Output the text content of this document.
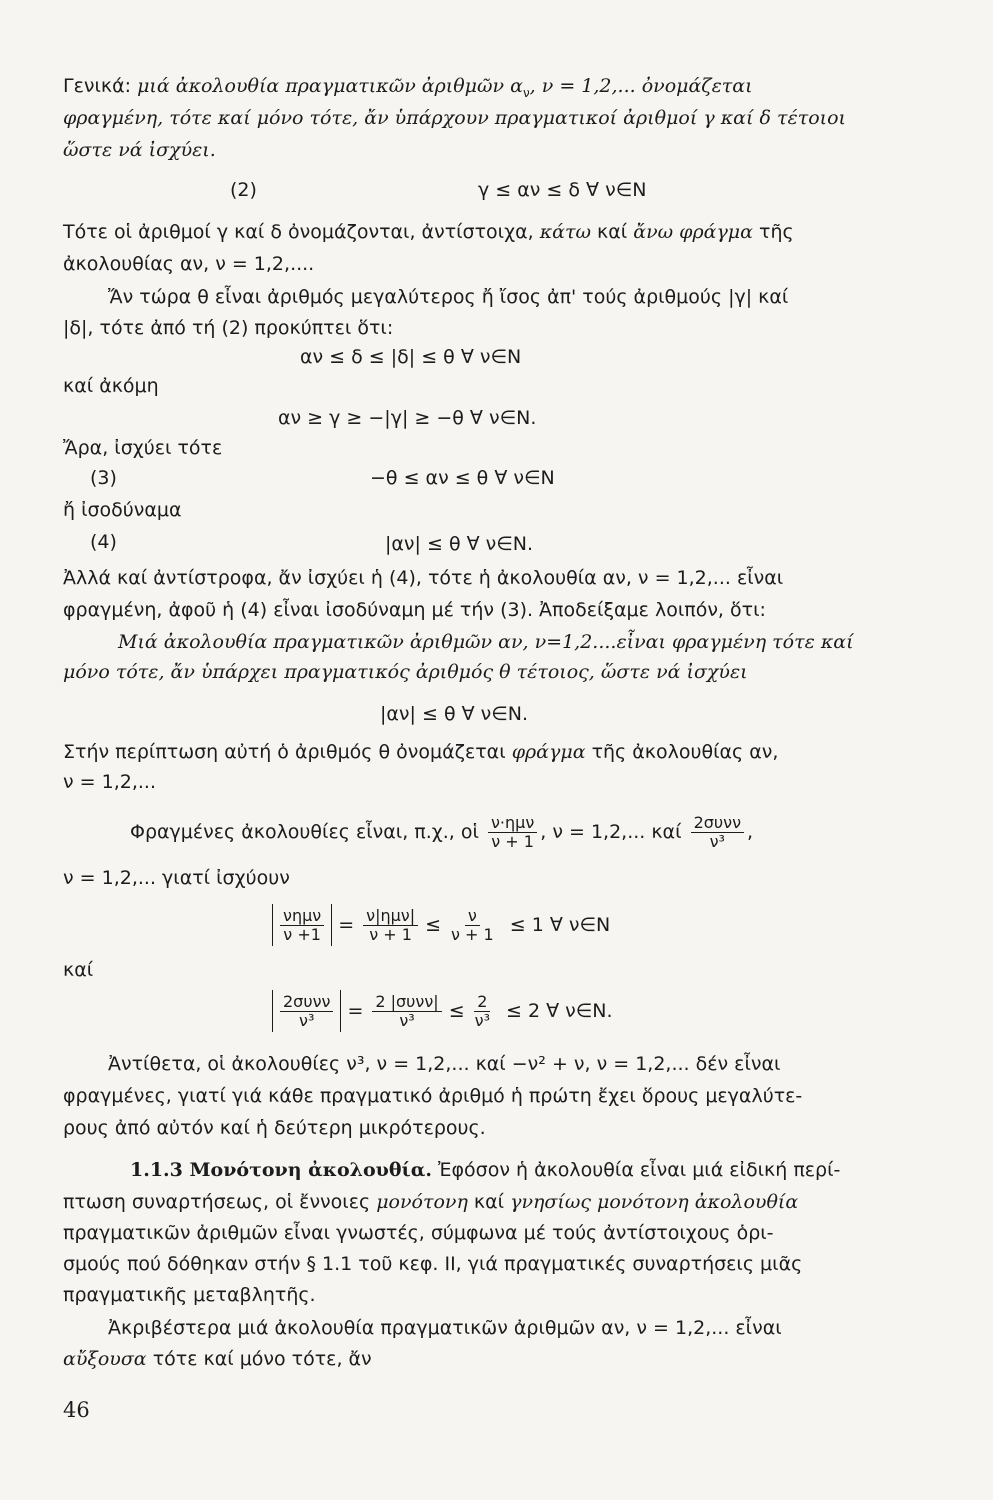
Γενικά: μιά ἀκολουθία πραγματικῶν ἀριθμῶν $\alpha_\nu$, ν = 1,2,... ὀνομάζεται
φραγμένη, τότε καί μόνο τότε, ἄν ὑπάρχουν πραγματικοί ἀριθμοί γ καί δ τέτοιοι
ὥστε νά ἰσχύει.
(2)	γ ≤ αν ≤ δ ∀ ν∈N
Τότε οἱ ἀριθμοί γ καί δ ὀνομάζονται, ἀντίστοιχα, κάτω καί ἄνω φράγμα τῆς
ἀκολουθίας αν, ν = 1,2,....
Ἄν τώρα θ εἶναι ἀριθμός μεγαλύτερος ἤ ἴσος ἀπ' τούς ἀριθμούς |γ| καί
|δ|, τότε ἀπό τή (2) προκύπτει ὅτι:
αν ≤ δ ≤ |δ| ≤ θ ∀ ν∈N
καί ἀκόμη
αν ≥ γ ≥ −|γ| ≥ −θ ∀ ν∈N.
Ἄρα, ἰσχύει τότε
(3)	−θ ≤ αν ≤ θ ∀ ν∈N
ἤ ἰσοδύναμα
(4)	|αν| ≤ θ ∀ ν∈N.
Ἀλλά καί ἀντίστροφα, ἄν ἰσχύει ἡ (4), τότε ἡ ἀκολουθία αν, ν = 1,2,... εἶναι
φραγμένη, ἀφοῦ ἡ (4) εἶναι ἰσοδύναμη μέ τήν (3). Ἀποδείξαμε λοιπόν, ὅτι:
Μιά ἀκολουθία πραγματικῶν ἀριθμῶν αν, ν=1,2....εἶναι φραγμένη τότε καί
μόνο τότε, ἄν ὑπάρχει πραγματικός ἀριθμός θ τέτοιος, ὥστε νά ἰσχύει
|αν| ≤ θ ∀ ν∈N.
Στήν περίπτωση αὐτή ὁ ἀριθμός θ ὀνομάζεται φράγμα τῆς ἀκολουθίας αν,
ν = 1,2,...
Φραγμένες ἀκολουθίες εἶναι, π.χ., οἱ $\frac{\text{ν·ημν}}{\nu + 1}$ , ν = 1,2,... καί $\frac{\text{2συνν}}{\text{ν³}}$ ,
ν = 1,2,... γιατί ἰσχύουν
$\frac{\text{νημν}}{\nu +1} = \frac{\text{ν|ημν|}}{\nu + 1} \le \frac{\nu}{\nu + 1} \le 1$ ∀ ν∈N
καί
$\frac{\text{2συνν}}{\text{ν³}} = \frac{\text{2 |συνν|}}{\text{ν³}} \le \frac{2}{\text{ν³}} \le 2$ ∀ ν∈N.
Ἀντίθετα, οἱ ἀκολουθίες ν³, ν = 1,2,... καί −ν² + ν, ν = 1,2,... δέν εἶναι
φραγμένες, γιατί γιά κάθε πραγματικό ἀριθμό ἡ πρώτη ἔχει ὅρους μεγαλύτε-
ρους ἀπό αὐτόν καί ἡ δεύτερη μικρότερους.
1.1.3 Μονότονη ἀκολουθία. Ἐφόσον ἡ ἀκολουθία εἶναι μιά εἰδική περί-
πτωση συναρτήσεως, οἱ ἔννοιες μονότονη καί γνησίως μονότονη ἀκολουθία
πραγματικῶν ἀριθμῶν εἶναι γνωστές, σύμφωνα μέ τούς ἀντίστοιχους ὁρι-
σμούς πού δόθηκαν στήν § 1.1 τοῦ κεφ. ΙΙ, γιά πραγματικές συναρτήσεις μιᾶς
πραγματικῆς μεταβλητῆς.
Ἀκριβέστερα μιά ἀκολουθία πραγματικῶν ἀριθμῶν αν, ν = 1,2,... εἶναι
αὔξουσα τότε καί μόνο τότε, ἄν
46
